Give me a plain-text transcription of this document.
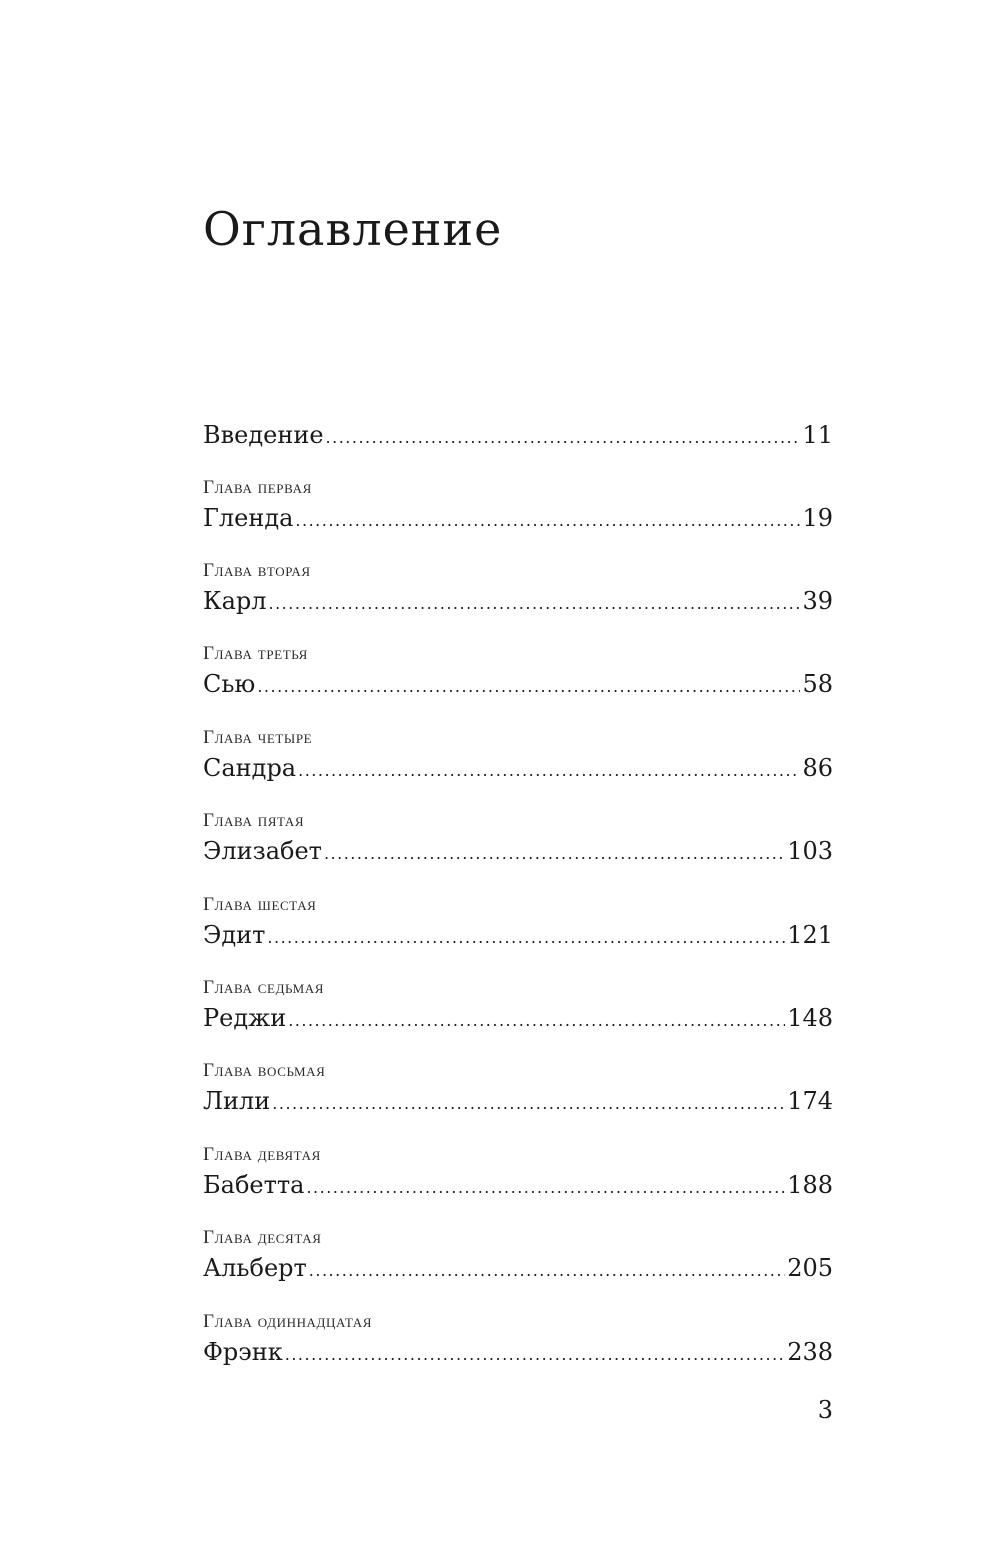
Оглавление
Введение .....	11
Глава первая
Гленда .....	19
Глава вторая
Карл .....	39
Глава третья
Сью .....	58
Глава четыре
Сандра .....	86
Глава пятая
Элизабет .....	103
Глава шестая
Эдит .....	121
Глава седьмая
Реджи .....	148
Глава восьмая
Лили .....	174
Глава девятая
Бабетта .....	188
Глава десятая
Альберт .....	205
Глава одиннадцатая
Фрэнк .....	238
3
